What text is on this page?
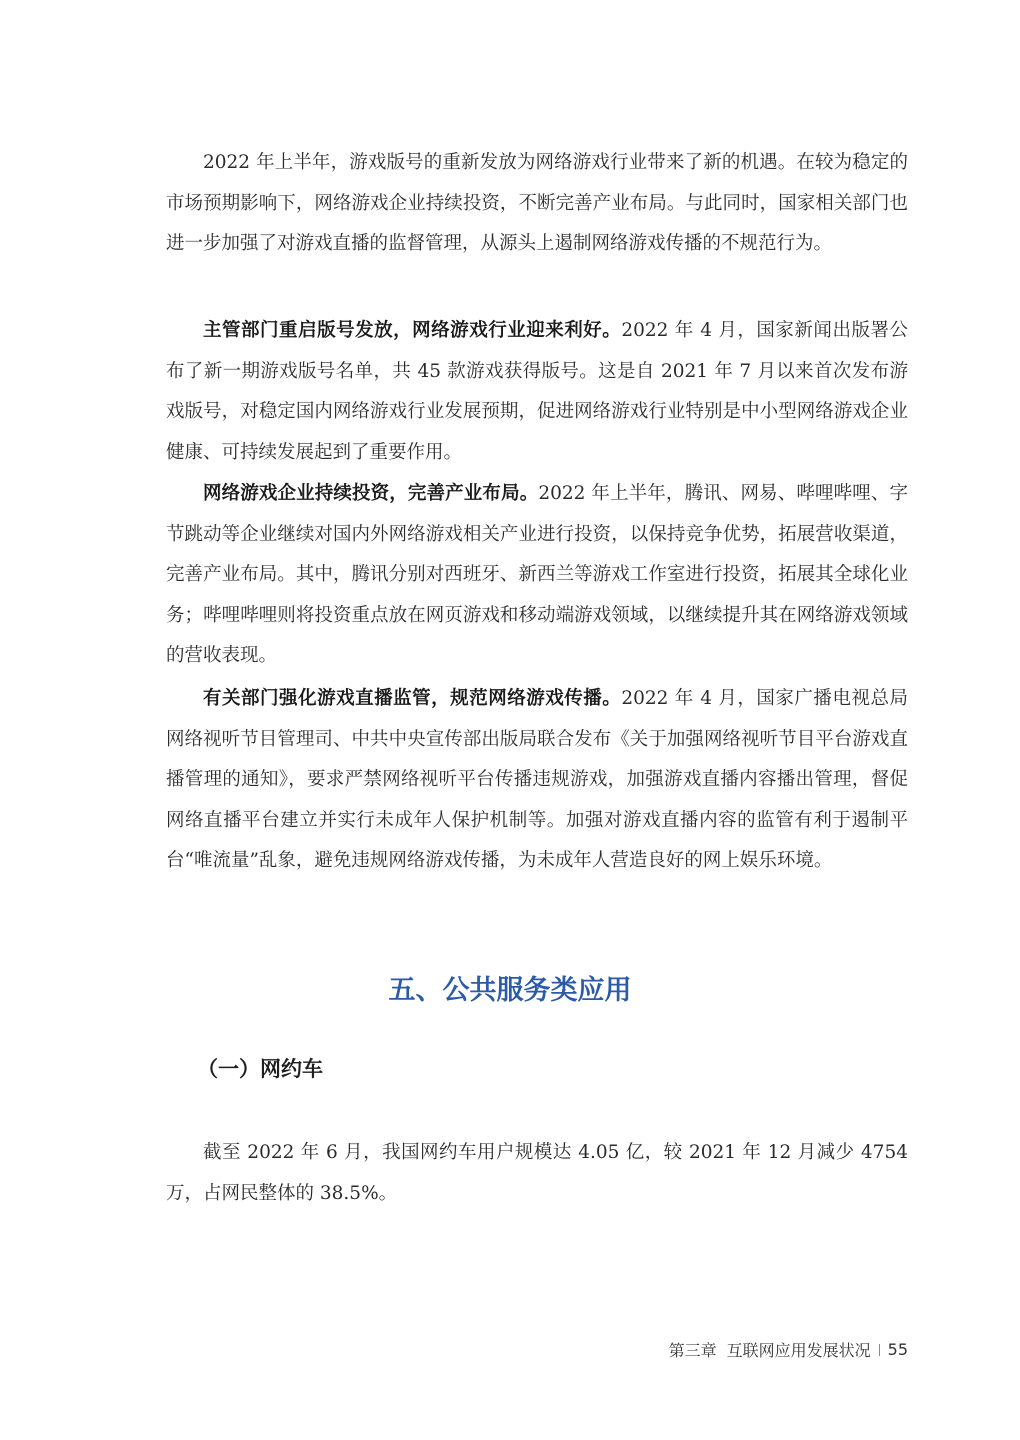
2022 年上半年，游戏版号的重新发放为网络游戏行业带来了新的机遇。在较为稳定的市场预期影响下，网络游戏企业持续投资，不断完善产业布局。与此同时，国家相关部门也进一步加强了对游戏直播的监督管理，从源头上遏制网络游戏传播的不规范行为。

主管部门重启版号发放，网络游戏行业迎来利好。2022 年 4 月，国家新闻出版署公布了新一期游戏版号名单，共 45 款游戏获得版号。这是自 2021 年 7 月以来首次发布游戏版号，对稳定国内网络游戏行业发展预期，促进网络游戏行业特别是中小型网络游戏企业健康、可持续发展起到了重要作用。

网络游戏企业持续投资，完善产业布局。2022 年上半年，腾讯、网易、哔哩哔哩、字节跳动等企业继续对国内外网络游戏相关产业进行投资，以保持竞争优势，拓展营收渠道，完善产业布局。其中，腾讯分别对西班牙、新西兰等游戏工作室进行投资，拓展其全球化业务；哔哩哔哩则将投资重点放在网页游戏和移动端游戏领域，以继续提升其在网络游戏领域的营收表现。

有关部门强化游戏直播监管，规范网络游戏传播。2022 年 4 月，国家广播电视总局网络视听节目管理司、中共中央宣传部出版局联合发布《关于加强网络视听节目平台游戏直播管理的通知》，要求严禁网络视听平台传播违规游戏，加强游戏直播内容播出管理，督促网络直播平台建立并实行未成年人保护机制等。加强对游戏直播内容的监管有利于遏制平台“唯流量”乱象，避免违规网络游戏传播，为未成年人营造良好的网上娱乐环境。

五、公共服务类应用
（一）网约车

截至 2022 年 6 月，我国网约车用户规模达 4.05 亿，较 2021 年 12 月减少 4754 万，占网民整体的 38.5%。

第三章 互联网应用发展状况 55
